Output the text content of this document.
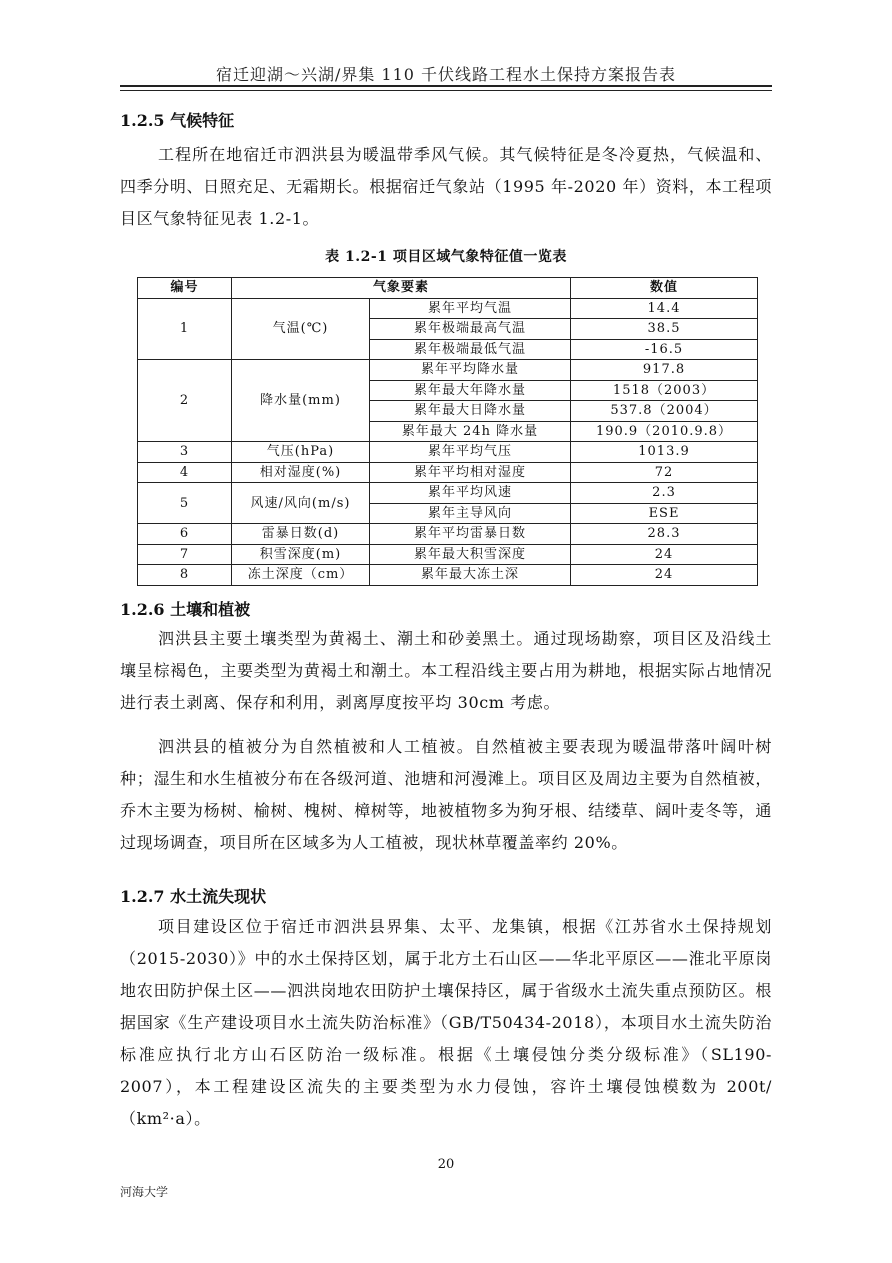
宿迁迎湖～兴湖/界集 110 千伏线路工程水土保持方案报告表
1.2.5 气候特征

工程所在地宿迁市泗洪县为暖温带季风气候。其气候特征是冬冷夏热，气候温和、四季分明、日照充足、无霜期长。根据宿迁气象站（1995 年-2020 年）资料，本工程项目区气象特征见表 1.2-1。

表 1.2-1 项目区域气象特征值一览表
编号	气象要素		数值
1	气温(℃)	累年平均气温	14.4
		累年极端最高气温	38.5
		累年极端最低气温	-16.5
2	降水量(mm)	累年平均降水量	917.8
		累年最大年降水量	1518（2003）
		累年最大日降水量	537.8（2004）
		累年最大 24h 降水量	190.9（2010.9.8）
3	气压(hPa)	累年平均气压	1013.9
4	相对湿度(%)	累年平均相对湿度	72
5	风速/风向(m/s)	累年平均风速	2.3
		累年主导风向	ESE
6	雷暴日数(d)	累年平均雷暴日数	28.3
7	积雪深度(m)	累年最大积雪深度	24
8	冻土深度（cm）	累年最大冻土深	24
1.2.6 土壤和植被

泗洪县主要土壤类型为黄褐土、潮土和砂姜黑土。通过现场勘察，项目区及沿线土壤呈棕褐色，主要类型为黄褐土和潮土。本工程沿线主要占用为耕地，根据实际占地情况进行表土剥离、保存和利用，剥离厚度按平均 30cm 考虑。

泗洪县的植被分为自然植被和人工植被。自然植被主要表现为暖温带落叶阔叶树种；湿生和水生植被分布在各级河道、池塘和河漫滩上。项目区及周边主要为自然植被，乔木主要为杨树、榆树、槐树、樟树等，地被植物多为狗牙根、结缕草、阔叶麦冬等，通过现场调查，项目所在区域多为人工植被，现状林草覆盖率约 20%。

1.2.7 水土流失现状

项目建设区位于宿迁市泗洪县界集、太平、龙集镇，根据《江苏省水土保持规划（2015-2030）》中的水土保持区划，属于北方土石山区——华北平原区——淮北平原岗地农田防护保土区——泗洪岗地农田防护土壤保持区，属于省级水土流失重点预防区。根据国家《生产建设项目水土流失防治标准》（GB/T50434-2018），本项目水土流失防治标准应执行北方山石区防治一级标准。根据《土壤侵蚀分类分级标准》（SL190-2007），本工程建设区流失的主要类型为水力侵蚀，容许土壤侵蚀模数为 200t/（km²·a）。

20
河海大学
